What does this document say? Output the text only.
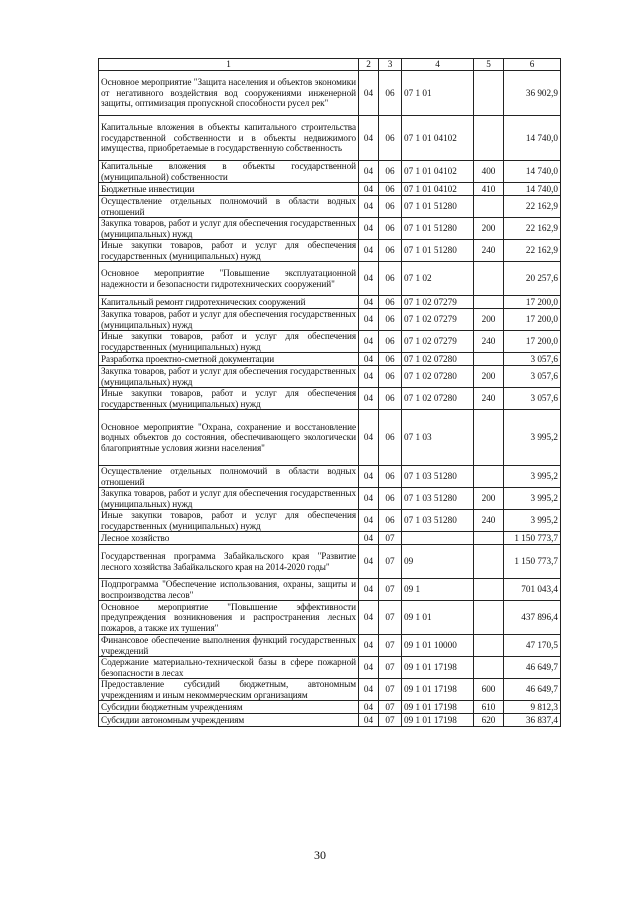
1	2	3	4	5	6
Основное мероприятие "Защита населения и объектов экономики от негативного воздействия вод сооружениями инженерной защиты, оптимизация пропускной способности русел рек"	04	06	07 1 01		36 902,9
Капитальные вложения в объекты капитального строительства государственной собственности и в объекты недвижимого имущества, приобретаемые в государственную собственность	04	06	07 1 01 04102		14 740,0
Капитальные вложения в объекты государственной (муниципальной) собственности	04	06	07 1 01 04102	400	14 740,0
Бюджетные инвестиции	04	06	07 1 01 04102	410	14 740,0
Осуществление отдельных полномочий в области водных отношений	04	06	07 1 01 51280		22 162,9
Закупка товаров, работ и услуг для обеспечения государственных (муниципальных) нужд	04	06	07 1 01 51280	200	22 162,9
Иные закупки товаров, работ и услуг для обеспечения государственных (муниципальных) нужд	04	06	07 1 01 51280	240	22 162,9
Основное мероприятие "Повышение эксплуатационной надежности и безопасности гидротехнических сооружений"	04	06	07 1 02		20 257,6
Капитальный ремонт гидротехнических сооружений	04	06	07 1 02 07279		17 200,0
Закупка товаров, работ и услуг для обеспечения государственных (муниципальных) нужд	04	06	07 1 02 07279	200	17 200,0
Иные закупки товаров, работ и услуг для обеспечения государственных (муниципальных) нужд	04	06	07 1 02 07279	240	17 200,0
Разработка проектно-сметной документации	04	06	07 1 02 07280		3 057,6
Закупка товаров, работ и услуг для обеспечения государственных (муниципальных) нужд	04	06	07 1 02 07280	200	3 057,6
Иные закупки товаров, работ и услуг для обеспечения государственных (муниципальных) нужд	04	06	07 1 02 07280	240	3 057,6
Основное мероприятие "Охрана, сохранение и восстановление водных объектов до состояния, обеспечивающего экологически благоприятные условия жизни населения"	04	06	07 1 03		3 995,2
Осуществление отдельных полномочий в области водных отношений	04	06	07 1 03 51280		3 995,2
Закупка товаров, работ и услуг для обеспечения государственных (муниципальных) нужд	04	06	07 1 03 51280	200	3 995,2
Иные закупки товаров, работ и услуг для обеспечения государственных (муниципальных) нужд	04	06	07 1 03 51280	240	3 995,2
Лесное хозяйство	04	07			1 150 773,7
Государственная программа Забайкальского края "Развитие лесного хозяйства Забайкальского края на 2014-2020 годы"	04	07	09		1 150 773,7
Подпрограмма "Обеспечение использования, охраны, защиты и воспроизводства лесов"	04	07	09 1		701 043,4
Основное мероприятие "Повышение эффективности предупреждения возникновения и распространения лесных пожаров, а также их тушения"	04	07	09 1 01		437 896,4
Финансовое обеспечение выполнения функций государственных учреждений	04	07	09 1 01 10000		47 170,5
Содержание материально-технической базы в сфере пожарной безопасности в лесах	04	07	09 1 01 17198		46 649,7
Предоставление субсидий бюджетным, автономным учреждениям и иным некоммерческим организациям	04	07	09 1 01 17198	600	46 649,7
Субсидии бюджетным учреждениям	04	07	09 1 01 17198	610	9 812,3
Субсидии автономным учреждениям	04	07	09 1 01 17198	620	36 837,4
30
